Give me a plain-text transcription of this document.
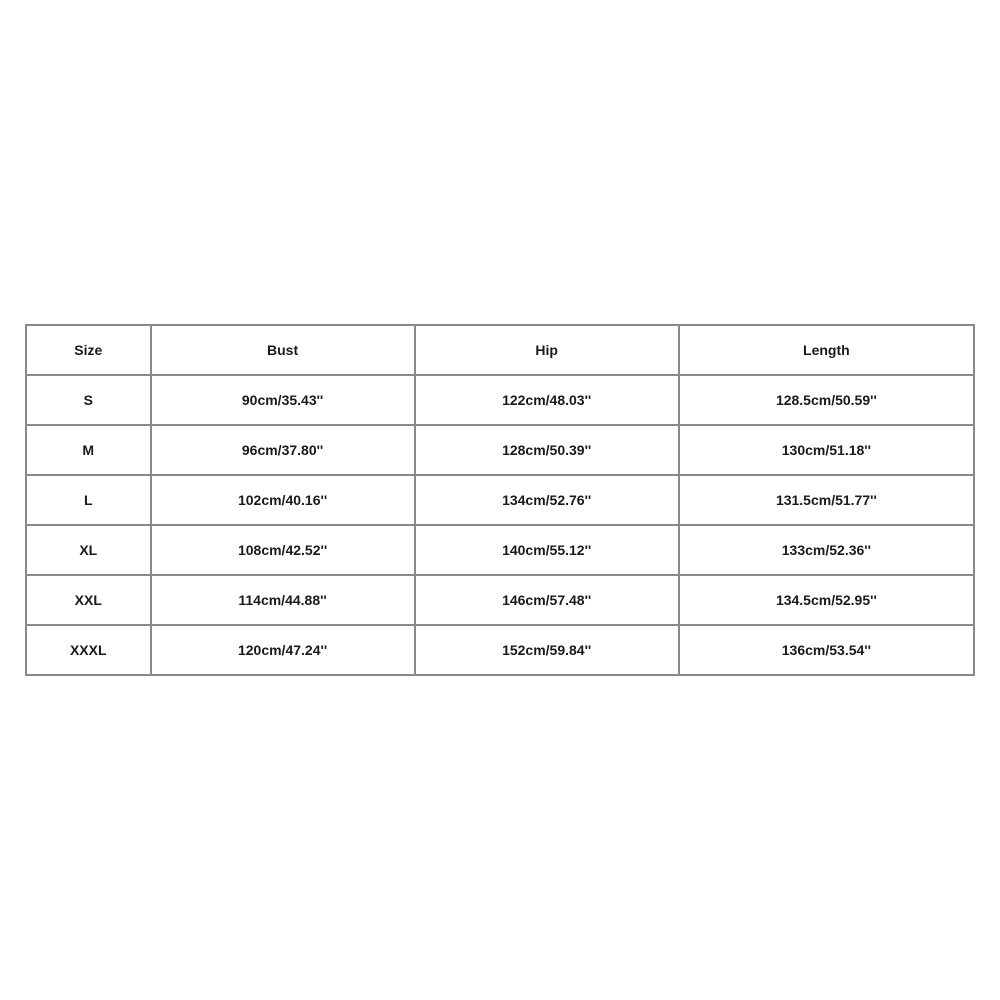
Size	Bust	Hip	Length
S	90cm/35.43''	122cm/48.03''	128.5cm/50.59''
M	96cm/37.80''	128cm/50.39''	130cm/51.18''
L	102cm/40.16''	134cm/52.76''	131.5cm/51.77''
XL	108cm/42.52''	140cm/55.12''	133cm/52.36''
XXL	114cm/44.88''	146cm/57.48''	134.5cm/52.95''
XXXL	120cm/47.24''	152cm/59.84''	136cm/53.54''
